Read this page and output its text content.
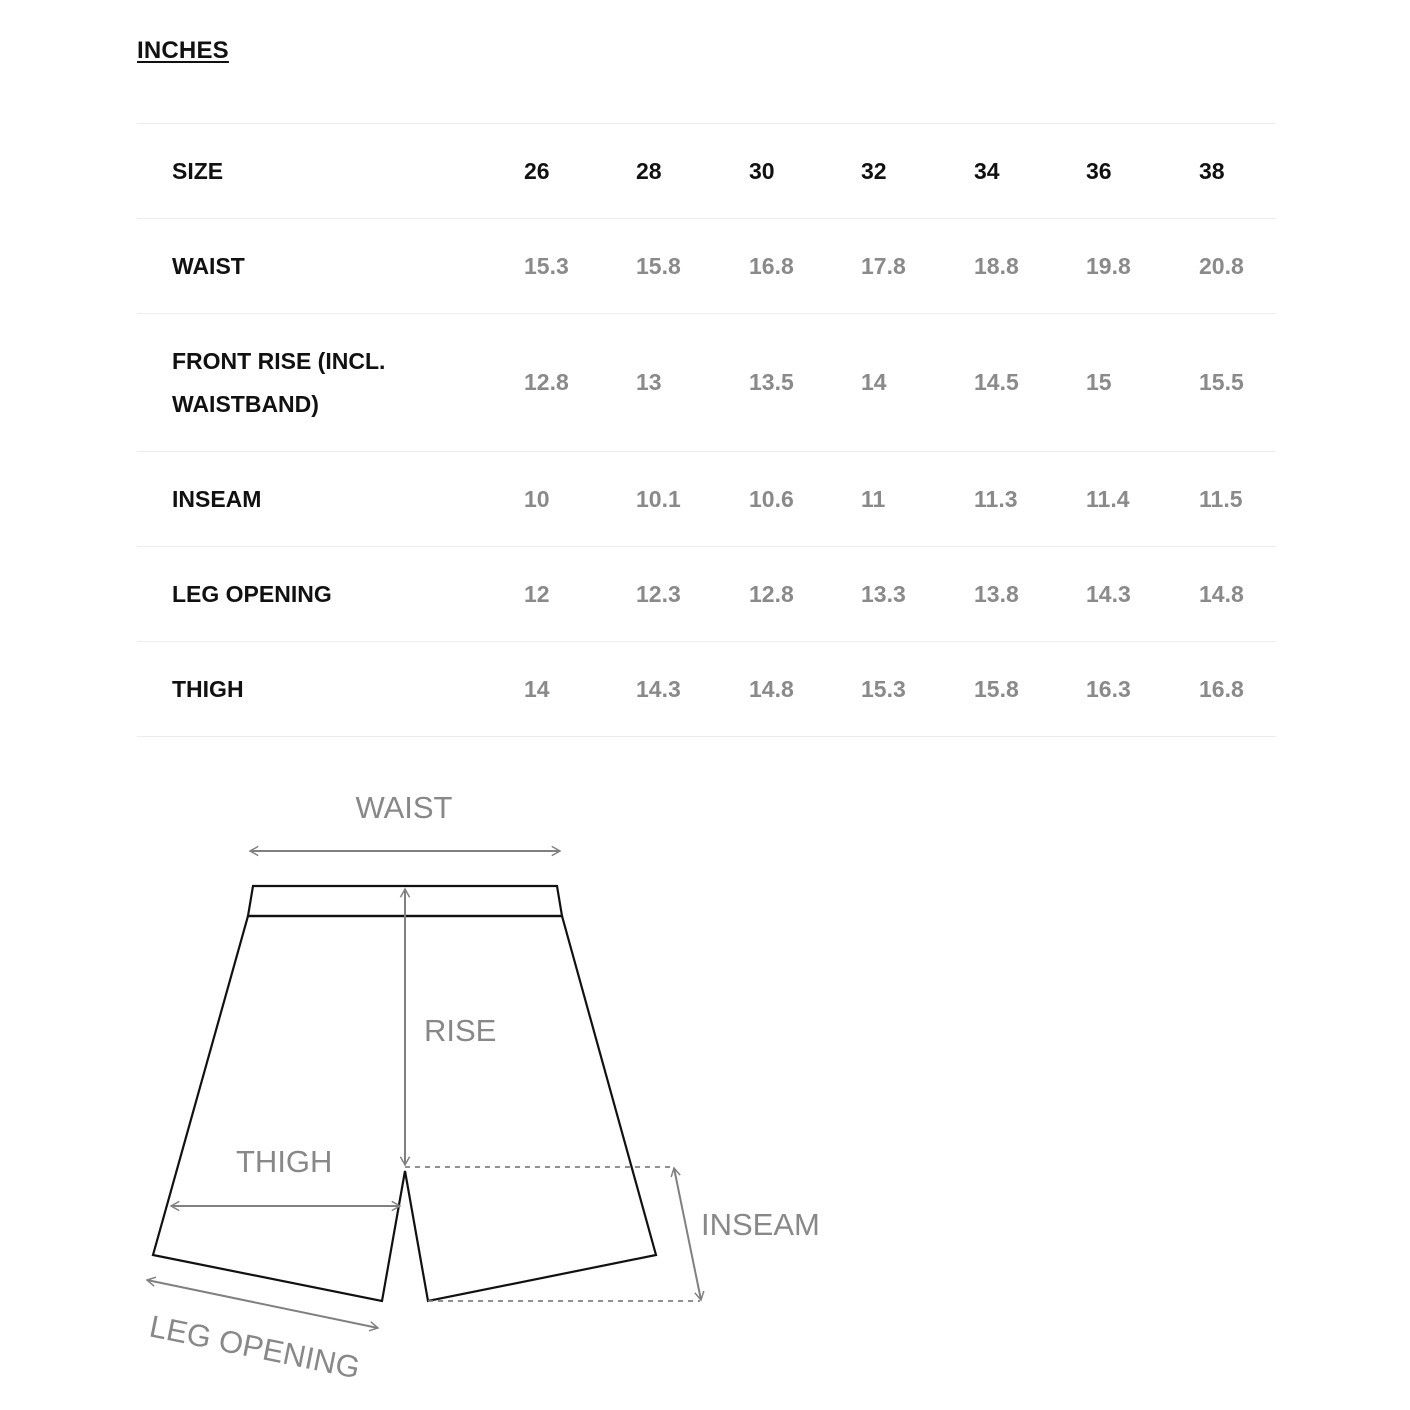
INCHES
SIZE	26	28	30	32	34	36	38
WAIST	15.3	15.8	16.8	17.8	18.8	19.8	20.8
FRONT RISE (INCL.
WAISTBAND)	12.8	13	13.5	14	14.5	15	15.5
INSEAM	10	10.1	10.6	11	11.3	11.4	11.5
LEG OPENING	12	12.3	12.8	13.3	13.8	14.3	14.8
THIGH	14	14.3	14.8	15.3	15.8	16.3	16.8
WAIST
RISE
THIGH
INSEAM
LEG OPENING
